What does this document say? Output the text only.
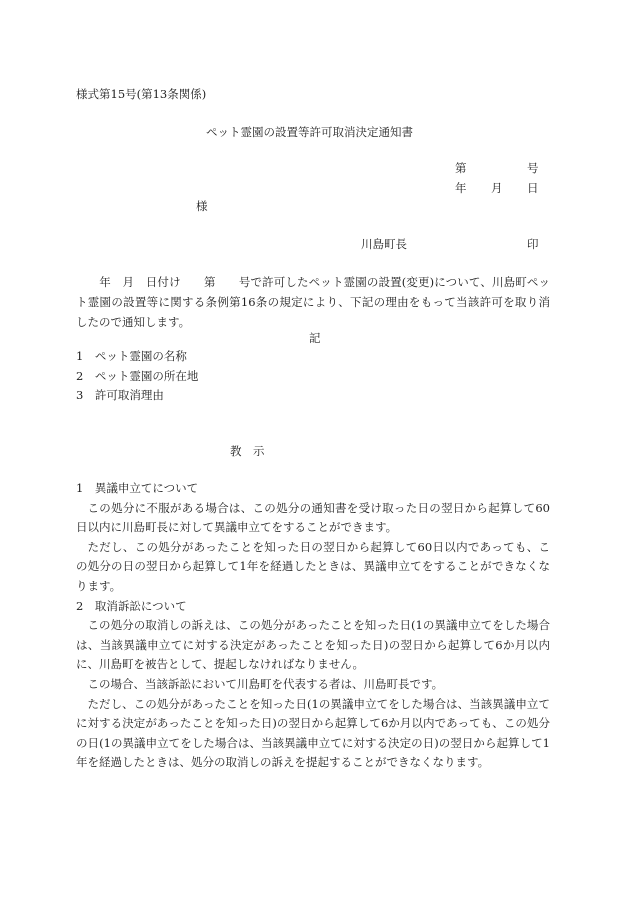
様式第15号(第13条関係)
ペット霊園の設置等許可取消決定通知書
第	号
年 月 日
様
川島町長	印
　　年　月　日付け　　第　　号で許可したペット霊園の設置(変更)について、川島町ペット霊園の設置等に関する条例第16条の規定により、下記の理由をもって当該許可を取り消したので通知します。
記
1　ペット霊園の名称
2　ペット霊園の所在地
3　許可取消理由
教　示

1　異議申立てについて

この処分に不服がある場合は、この処分の通知書を受け取った日の翌日から起算して60日以内に川島町長に対して異議申立てをすることができます。

ただし、この処分があったことを知った日の翌日から起算して60日以内であっても、この処分の日の翌日から起算して1年を経過したときは、異議申立てをすることができなくなります。

2　取消訴訟について

この処分の取消しの訴えは、この処分があったことを知った日(1の異議申立てをした場合は、当該異議申立てに対する決定があったことを知った日)の翌日から起算して6か月以内に、川島町を被告として、提起しなければなりません。

この場合、当該訴訟において川島町を代表する者は、川島町長です。

ただし、この処分があったことを知った日(1の異議申立てをした場合は、当該異議申立てに対する決定があったことを知った日)の翌日から起算して6か月以内であっても、この処分の日(1の異議申立てをした場合は、当該異議申立てに対する決定の日)の翌日から起算して1年を経過したときは、処分の取消しの訴えを提起することができなくなります。
